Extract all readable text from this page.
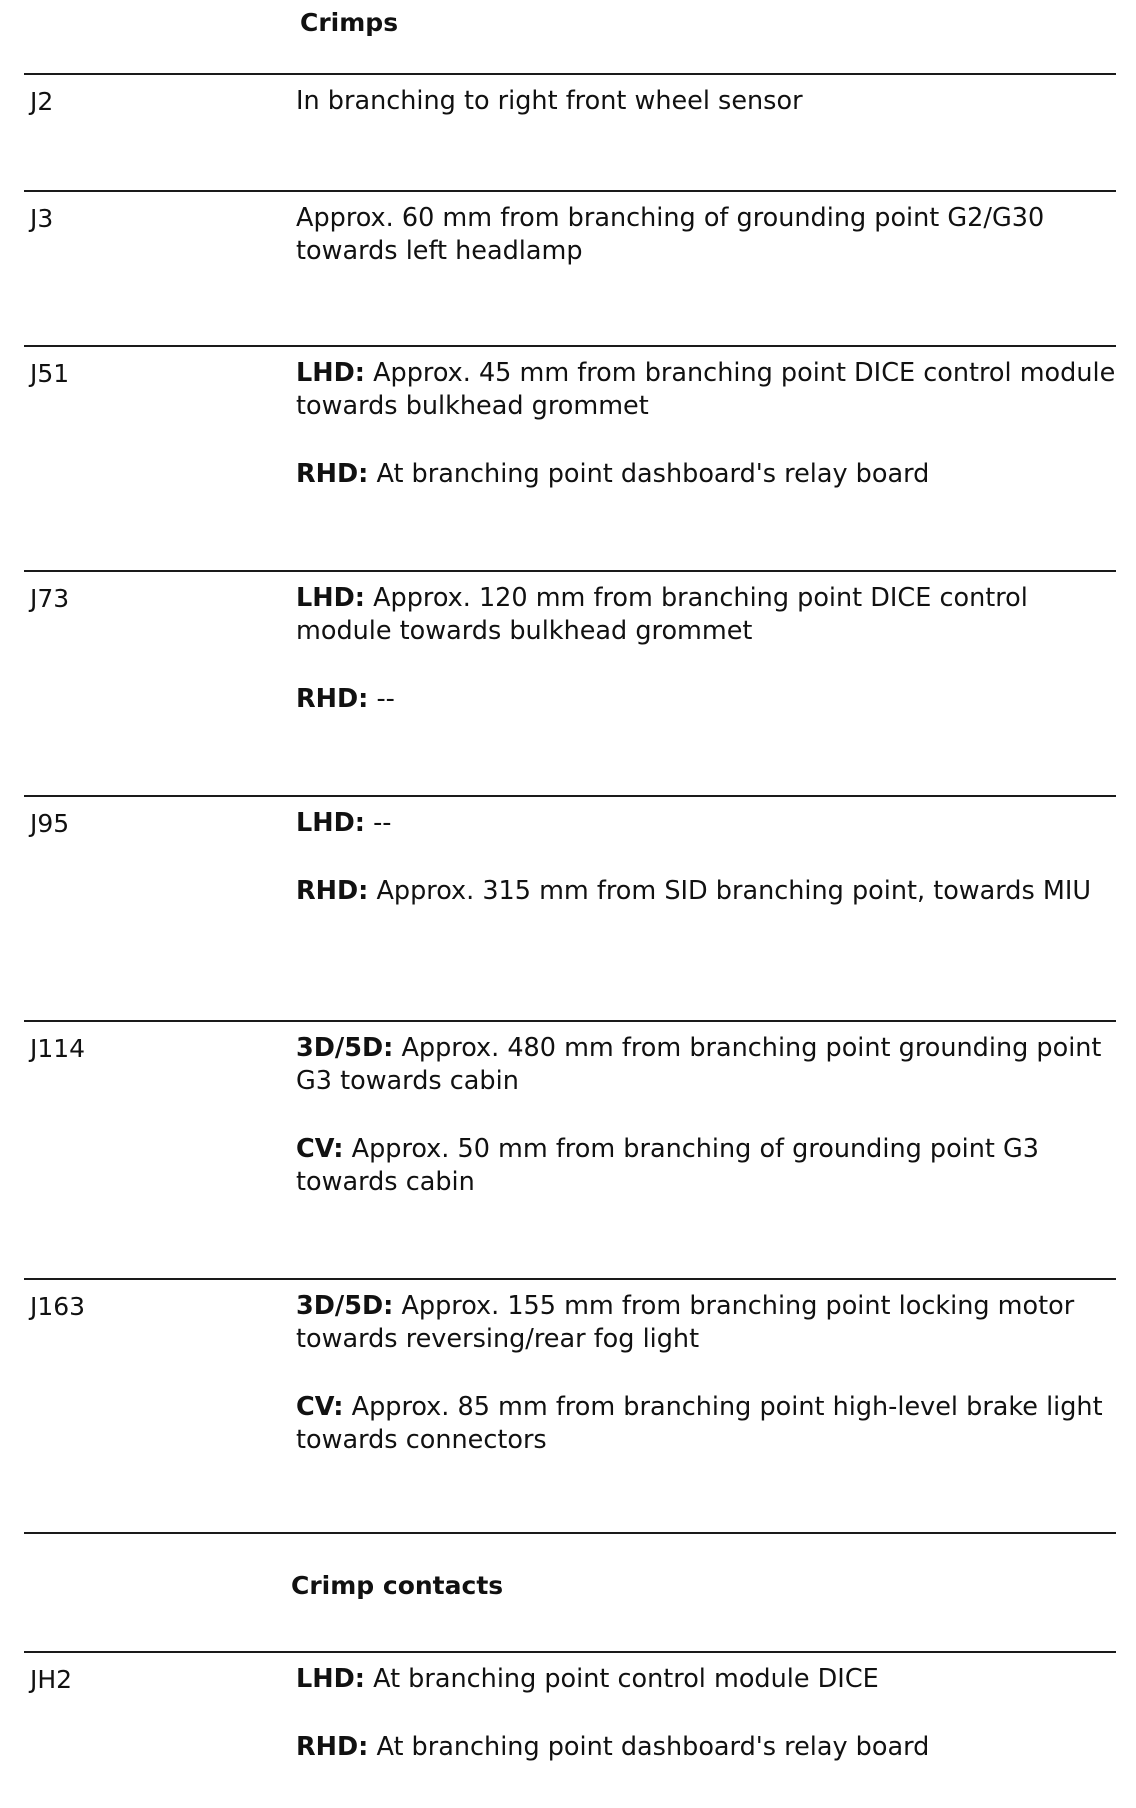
Crimps
J2	In branching to right front wheel sensor
J3	Approx. 60 mm from branching of grounding point G2/G30 towards left headlamp
J51	LHD: Approx. 45 mm from branching point DICE control module towards bulkhead grommet
RHD: At branching point dashboard's relay board
J73	LHD: Approx. 120 mm from branching point DICE control module towards bulkhead grommet
RHD: --
J95	LHD: --
RHD: Approx. 315 mm from SID branching point, towards MIU
J114	3D/5D: Approx. 480 mm from branching point grounding point G3 towards cabin
CV: Approx. 50 mm from branching of grounding point G3 towards cabin
J163	3D/5D: Approx. 155 mm from branching point locking motor towards reversing/rear fog light
CV: Approx. 85 mm from branching point high-level brake light towards connectors
Crimp contacts
JH2	LHD: At branching point control module DICE
RHD: At branching point dashboard's relay board
